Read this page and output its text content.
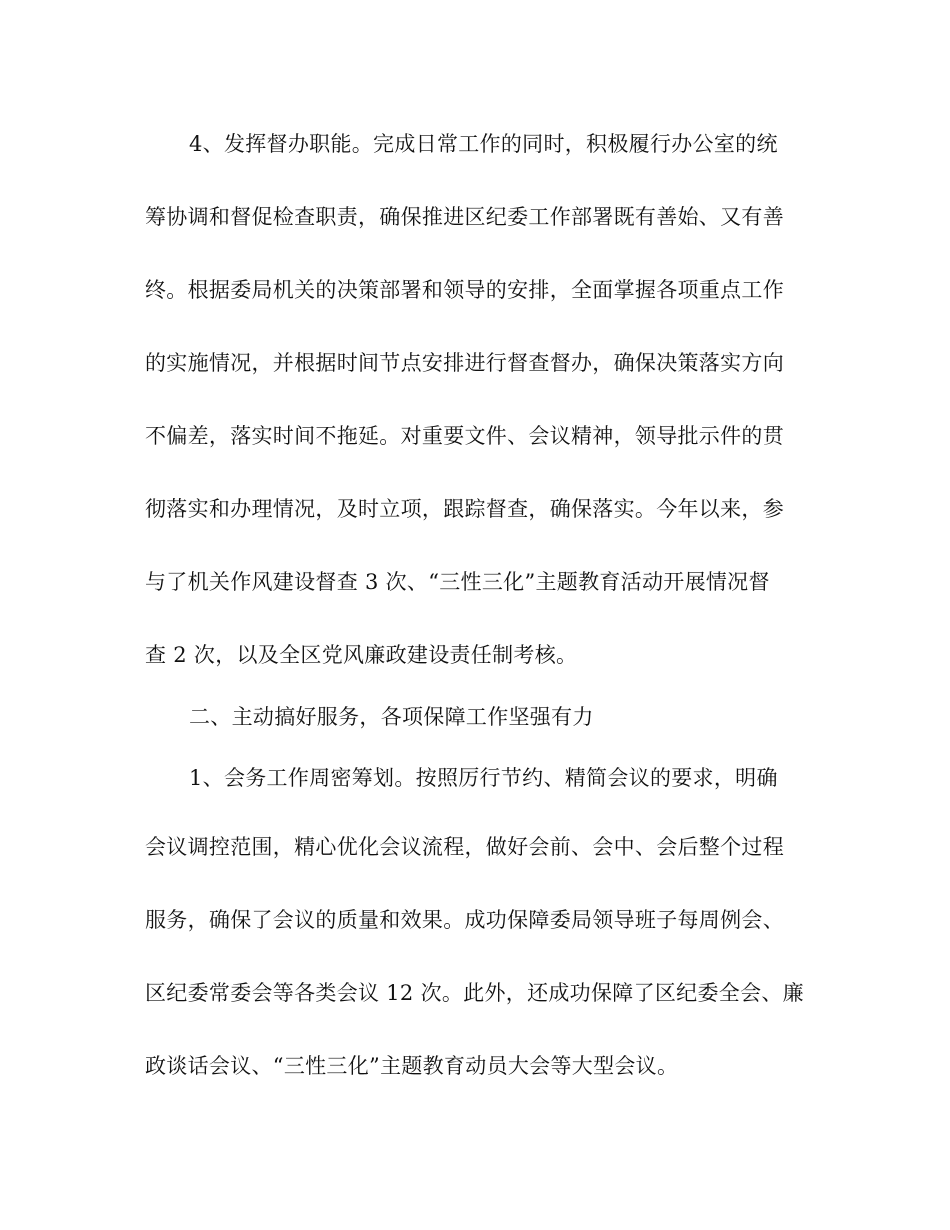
4、发挥督办职能。完成日常工作的同时，积极履行办公室的统
筹协调和督促检查职责，确保推进区纪委工作部署既有善始、又有善
终。根据委局机关的决策部署和领导的安排，全面掌握各项重点工作
的实施情况，并根据时间节点安排进行督查督办，确保决策落实方向
不偏差，落实时间不拖延。对重要文件、会议精神，领导批示件的贯
彻落实和办理情况，及时立项，跟踪督查，确保落实。今年以来，参
与了机关作风建设督查 3 次、“三性三化”主题教育活动开展情况督
查 2 次，以及全区党风廉政建设责任制考核。
二、主动搞好服务，各项保障工作坚强有力
1、会务工作周密筹划。按照厉行节约、精简会议的要求，明确
会议调控范围，精心优化会议流程，做好会前、会中、会后整个过程
服务，确保了会议的质量和效果。成功保障委局领导班子每周例会、
区纪委常委会等各类会议 12 次。此外，还成功保障了区纪委全会、廉
政谈话会议、“三性三化”主题教育动员大会等大型会议。
